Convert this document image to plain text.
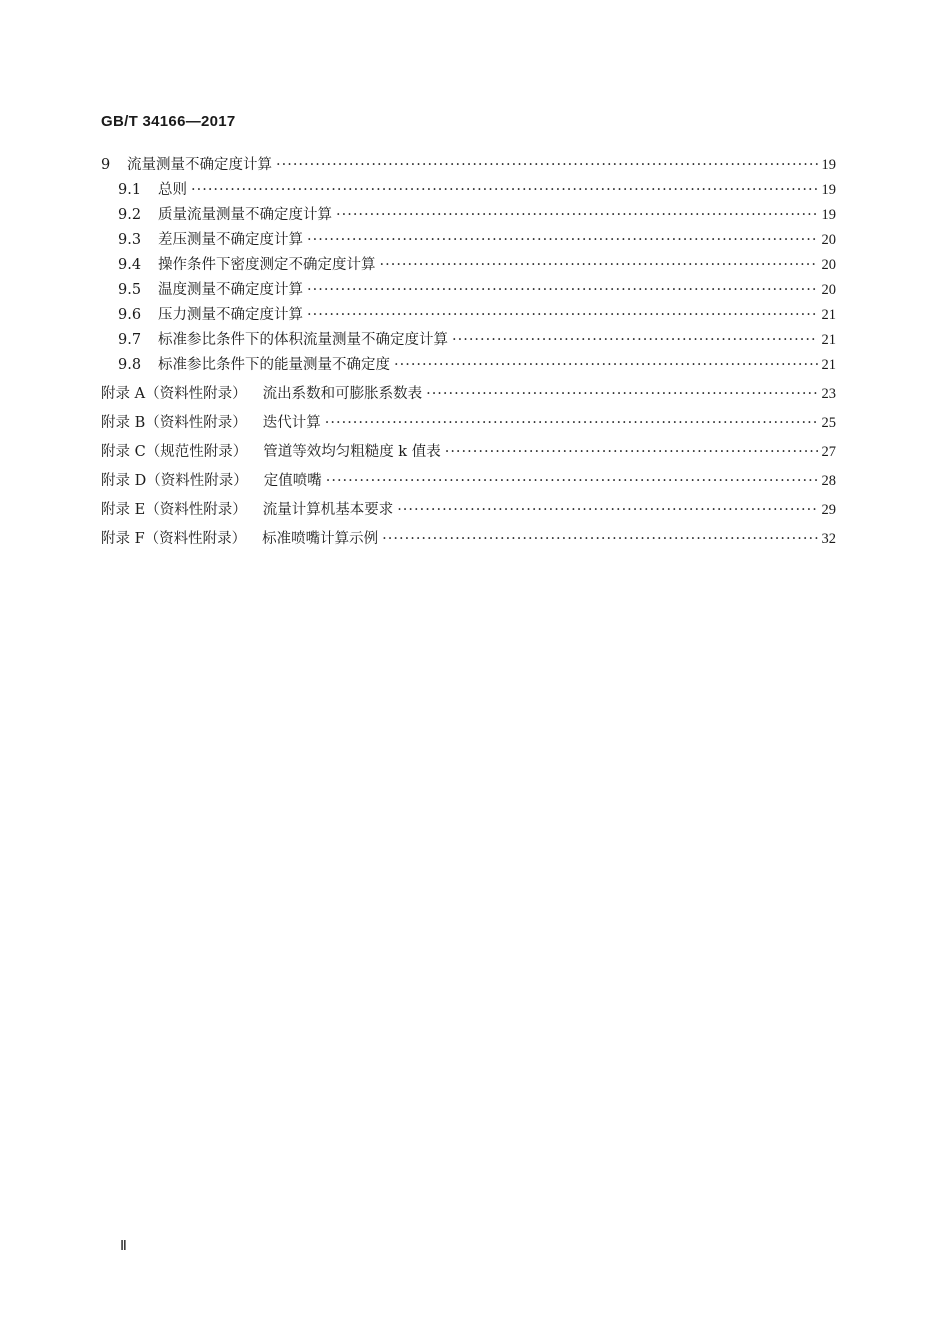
GB/T 34166—2017
9	流量测量不确定度计算 ·····	19
9.1	总则 ·····	19
9.2	质量流量测量不确定度计算 ·····	19
9.3	差压测量不确定度计算 ·····	20
9.4	操作条件下密度测定不确定度计算 ·····	20
9.5	温度测量不确定度计算 ·····	20
9.6	压力测量不确定度计算 ·····	21
9.7	标准参比条件下的体积流量测量不确定度计算 ·····	21
9.8	标准参比条件下的能量测量不确定度 ·····	21
附录 A（资料性附录） 流出系数和可膨胀系数表 ·····	23
附录 B（资料性附录） 迭代计算 ·····	25
附录 C（规范性附录） 管道等效均匀粗糙度 k 值表 ·····	27
附录 D（资料性附录） 定值喷嘴 ·····	28
附录 E（资料性附录） 流量计算机基本要求 ·····	29
附录 F（资料性附录） 标准喷嘴计算示例 ·····	32
Ⅱ
